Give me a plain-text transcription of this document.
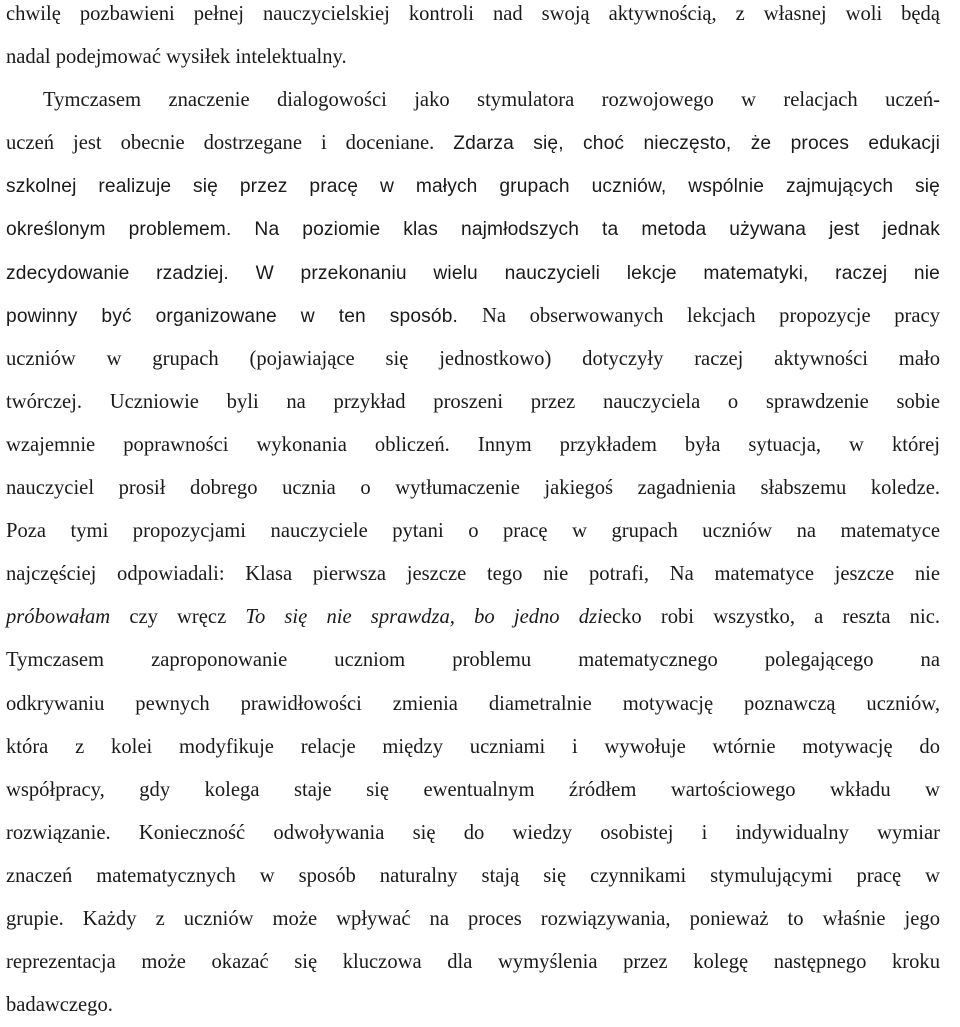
chwilę pozbawieni pełnej nauczycielskiej kontroli nad swoją aktywnością, z własnej woli będą
nadal podejmować wysiłek intelektualny.
Tymczasem znaczenie dialogowości jako stymulatora rozwojowego w relacjach uczeń-
uczeń jest obecnie dostrzegane i doceniane. Zdarza się, choć nieczęsto, że proces edukacji
szkolnej realizuje się przez pracę w małych grupach uczniów, wspólnie zajmujących się
określonym problemem. Na poziomie klas najmłodszych ta metoda używana jest jednak
zdecydowanie rzadziej. W przekonaniu wielu nauczycieli lekcje matematyki, raczej nie
powinny być organizowane w ten sposób. Na obserwowanych lekcjach propozycje pracy
uczniów w grupach (pojawiające się jednostkowo) dotyczyły raczej aktywności mało
twórczej. Uczniowie byli na przykład proszeni przez nauczyciela o sprawdzenie sobie
wzajemnie poprawności wykonania obliczeń. Innym przykładem była sytuacja, w której
nauczyciel prosił dobrego ucznia o wytłumaczenie jakiegoś zagadnienia słabszemu koledze.
Poza tymi propozycjami nauczyciele pytani o pracę w grupach uczniów na matematyce
najczęściej odpowiadali: Klasa pierwsza jeszcze tego nie potrafi, Na matematyce jeszcze nie
próbowałam czy wręcz To się nie sprawdza, bo jedno dziecko robi wszystko, a reszta nic.
Tymczasem zaproponowanie uczniom problemu matematycznego polegającego na
odkrywaniu pewnych prawidłowości zmienia diametralnie motywację poznawczą uczniów,
która z kolei modyfikuje relacje między uczniami i wywołuje wtórnie motywację do
współpracy, gdy kolega staje się ewentualnym źródłem wartościowego wkładu w
rozwiązanie. Konieczność odwoływania się do wiedzy osobistej i indywidualny wymiar
znaczeń matematycznych w sposób naturalny stają się czynnikami stymulującymi pracę w
grupie. Każdy z uczniów może wpływać na proces rozwiązywania, ponieważ to właśnie jego
reprezentacja może okazać się kluczowa dla wymyślenia przez kolegę następnego kroku
badawczego.
